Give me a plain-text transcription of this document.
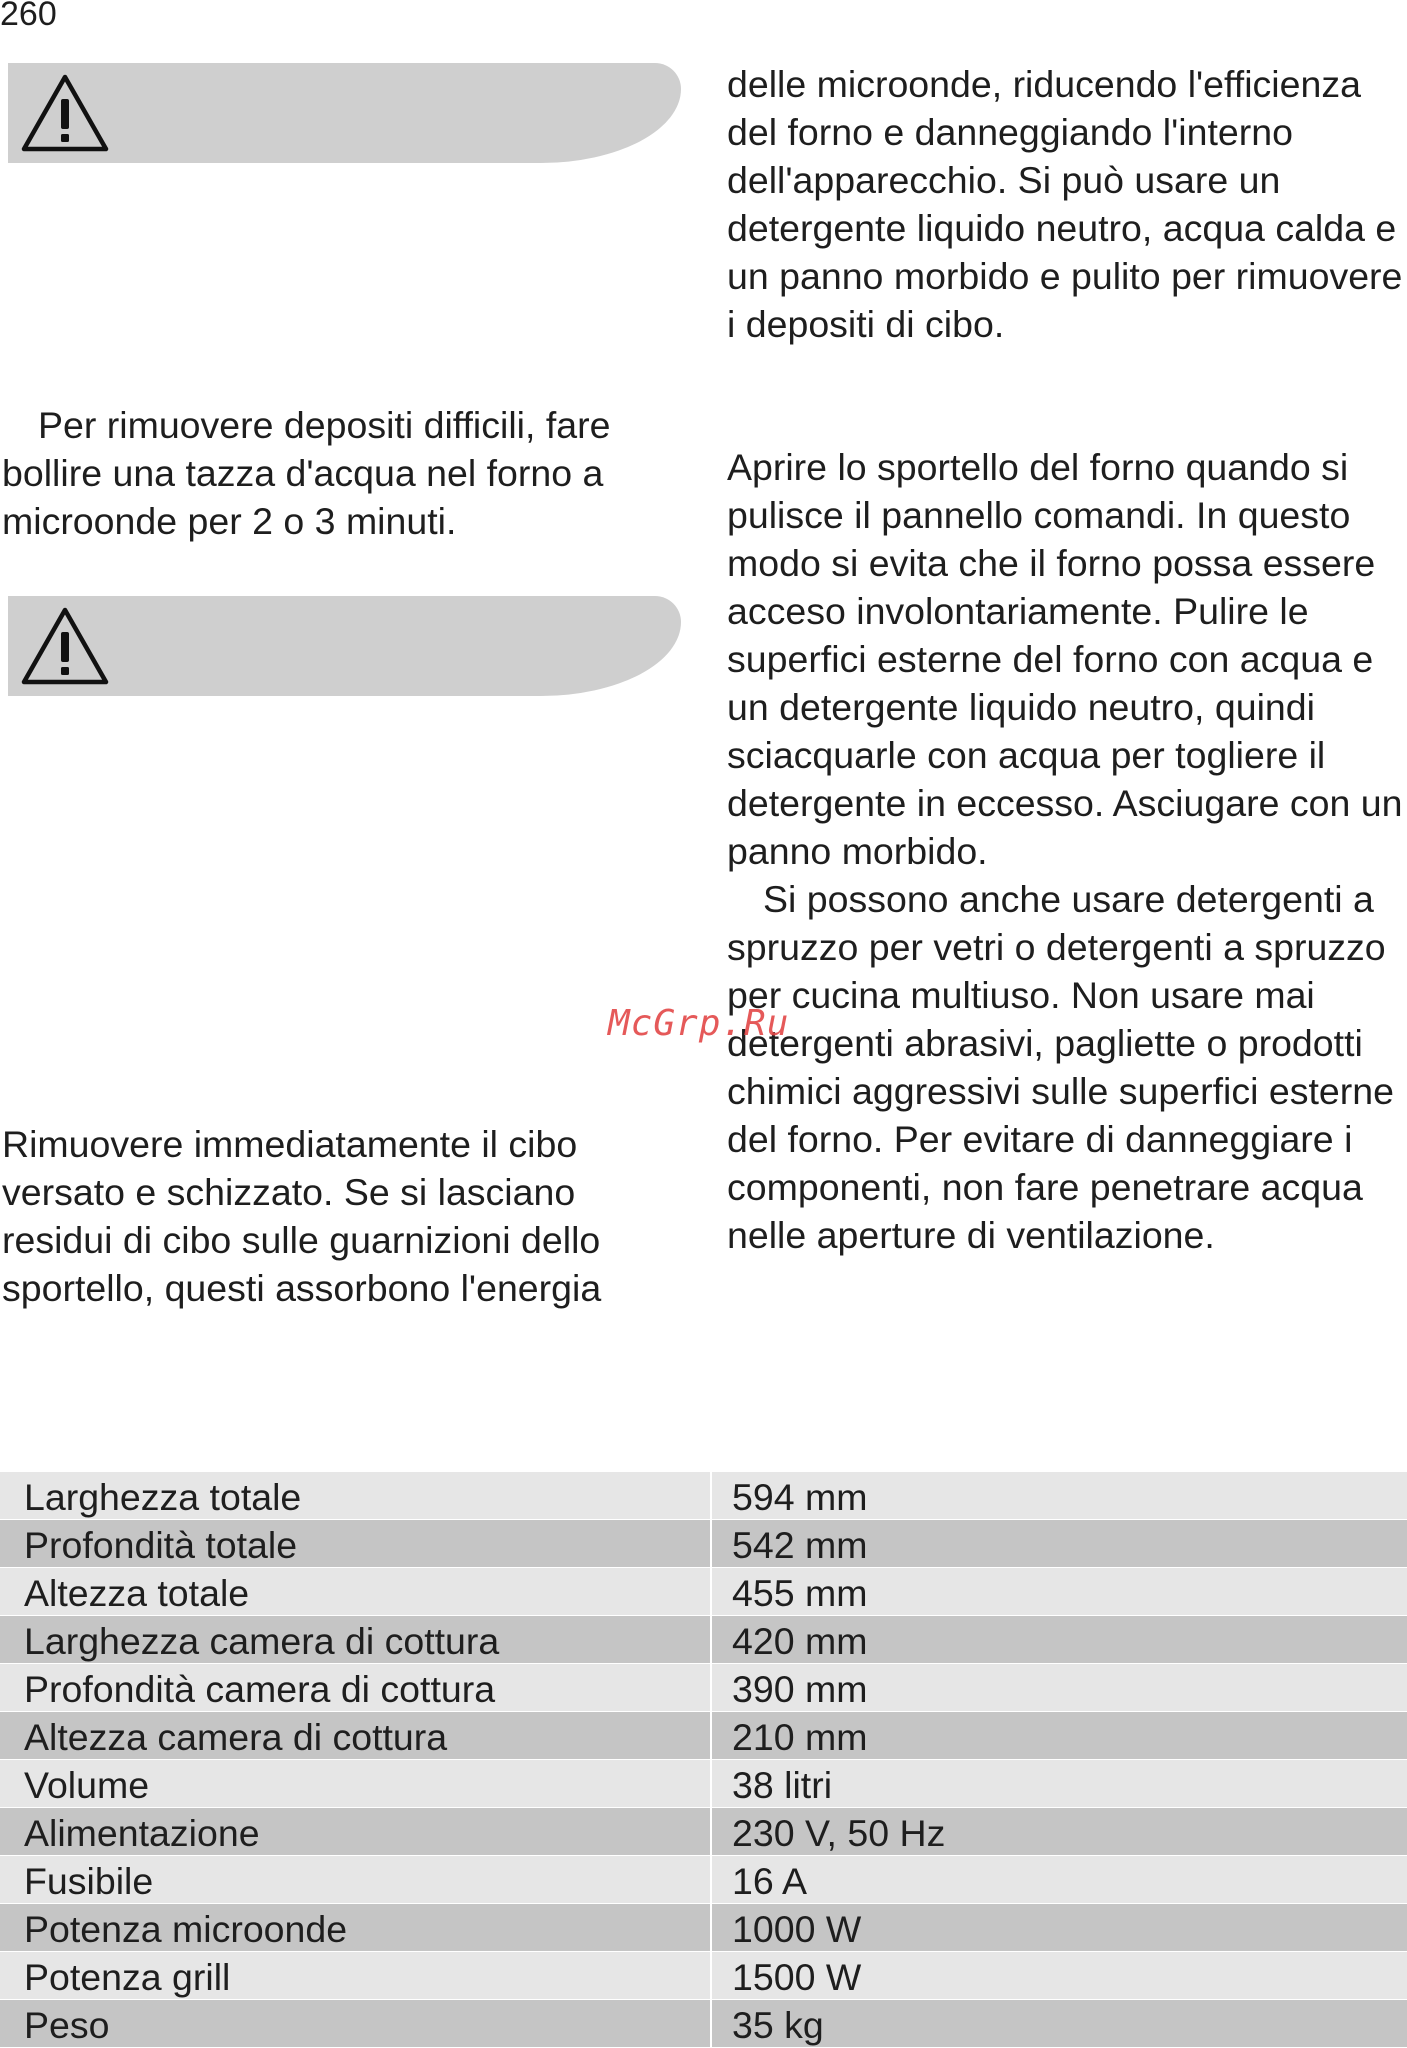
260

Per rimuovere depositi difficili, fare bollire una tazza d'acqua nel forno a microonde per 2 o 3 minuti.

Rimuovere immediatamente il cibo versato e schizzato. Se si lasciano residui di cibo sulle guarnizioni dello sportello, questi assorbono l'energia

delle microonde, riducendo l'efficienza del forno e danneggiando l'interno dell'apparecchio. Si può usare un detergente liquido neutro, acqua calda e un panno morbido e pulito per rimuovere i depositi di cibo.

Aprire lo sportello del forno quando si pulisce il pannello comandi. In questo modo si evita che il forno possa essere acceso involontariamente. Pulire le superfici esterne del forno con acqua e un detergente liquido neutro, quindi sciacquarle con acqua per togliere il detergente in eccesso. Asciugare con un panno morbido.

Si possono anche usare detergenti a spruzzo per vetri o detergenti a spruzzo per cucina multiuso. Non usare mai detergenti abrasivi, pagliette o prodotti chimici aggressivi sulle superfici esterne del forno. Per evitare di danneggiare i componenti, non fare penetrare acqua nelle aperture di ventilazione.

McGrp.Ru
Larghezza totale	594 mm
Profondità totale	542 mm
Altezza totale	455 mm
Larghezza camera di cottura	420 mm
Profondità camera di cottura	390 mm
Altezza camera di cottura	210 mm
Volume	38 litri
Alimentazione	230 V, 50 Hz
Fusibile	16 A
Potenza microonde	1000 W
Potenza grill	1500 W
Peso	35 kg
